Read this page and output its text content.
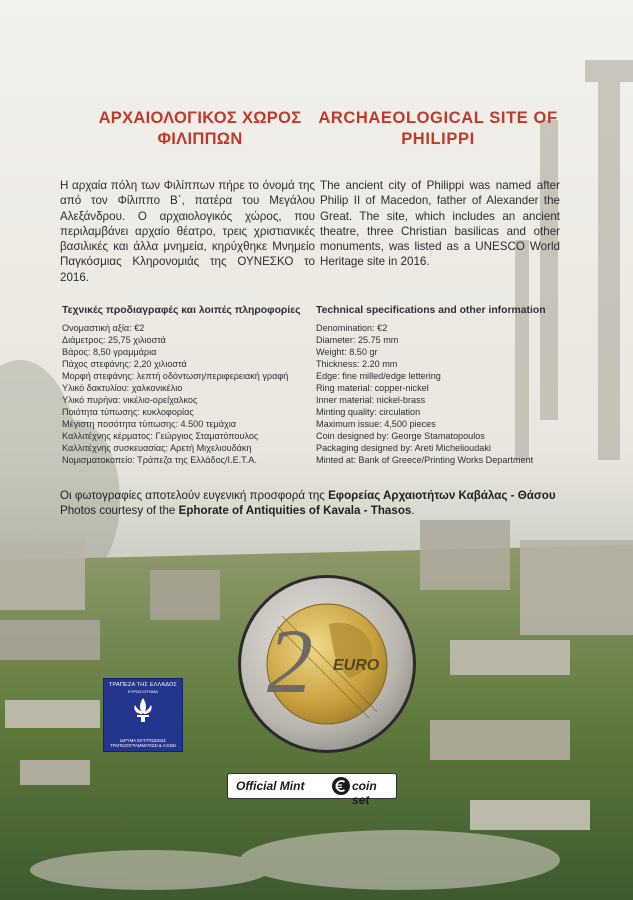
ΑΡΧΑΙΟΛΟΓΙΚΟΣ ΧΩΡΟΣ
ΦΙΛΙΠΠΩΝ
ARCHAEOLOGICAL SITE OF
PHILIPPI

Η αρχαία πόλη των Φιλίππων πήρε το όνομά της από τον Φίλιππο Β΄, πατέρα του Μεγάλου Αλεξάνδρου. Ο αρχαιολογικός χώρος, που περιλαμβάνει αρχαίο θέατρο, τρεις χριστιανικές βασιλικές και άλλα μνημεία, κηρύχθηκε Μνημείο Παγκόσμιας Κληρονομιάς της ΟΥΝΕΣΚΟ το 2016.

The ancient city of Philippi was named after Philip II of Macedon, father of Alexander the Great. The site, which includes an ancient theatre, three Christian basilicas and other monuments, was listed as a UNESCO World Heritage site in 2016.

Τεχνικές προδιαγραφές και λοιπές πληροφορίες Technical specifications and other information

Ονομαστική αξία: €2
Διάμετρος: 25,75 χιλιοστά
Βάρος: 8,50 γραμμάρια
Πάχος στεφάνης: 2,20 χιλιοστά
Μορφή στεφάνης: λεπτή οδόντωση/περιφερειακή γραφή
Υλικό δακτυλίου: χαλκονικέλιο
Υλικό πυρήνα: νικέλιο-ορείχαλκος
Ποιότητα τύπωσης: κυκλοφορίας
Μέγιστη ποσότητα τύπωσης: 4.500 τεμάχια
Καλλιτέχνης κέρματος: Γεώργιος Σταματόπουλος
Καλλιτέχνης συσκευασίας: Αρετή Μιχελιουδάκη
Νομισματοκοπείο: Τράπεζα της Ελλάδος/Ι.Ε.Τ.Α.
Denomination: €2
Diameter: 25.75 mm
Weight: 8.50 gr
Thickness: 2.20 mm
Edge: fine milled/edge lettering
Ring material: copper-nickel
Inner material: nickel-brass
Minting quality: circulation
Maximum issue: 4,500 pieces
Coin designed by: George Stamatopoulos
Packaging designed by: Areti Michelioudaki
Minted at: Bank of Greece/Printing Works Department

Οι φωτογραφίες αποτελούν ευγενική προσφορά της Εφορείας Αρχαιοτήτων Καβάλας - Θάσου

Photos courtesy of the Ephorate of Antiquities of Kavala - Thasos.

ΤΡΑΠΕΖΑ ΤΗΣ ΕΛΛΑΔΟΣ
ΕΥΡΩΣΥΣΤΗΜΑ
ΙΔΡΥΜΑ ΕΚΤΥΠΩΣΕΩΣ ΤΡΑΠΕΖΟΓΡΑΜΜΑΤΙΩΝ & ΑΞΙΩΝ
2 EURO
Official Mint	coin set
